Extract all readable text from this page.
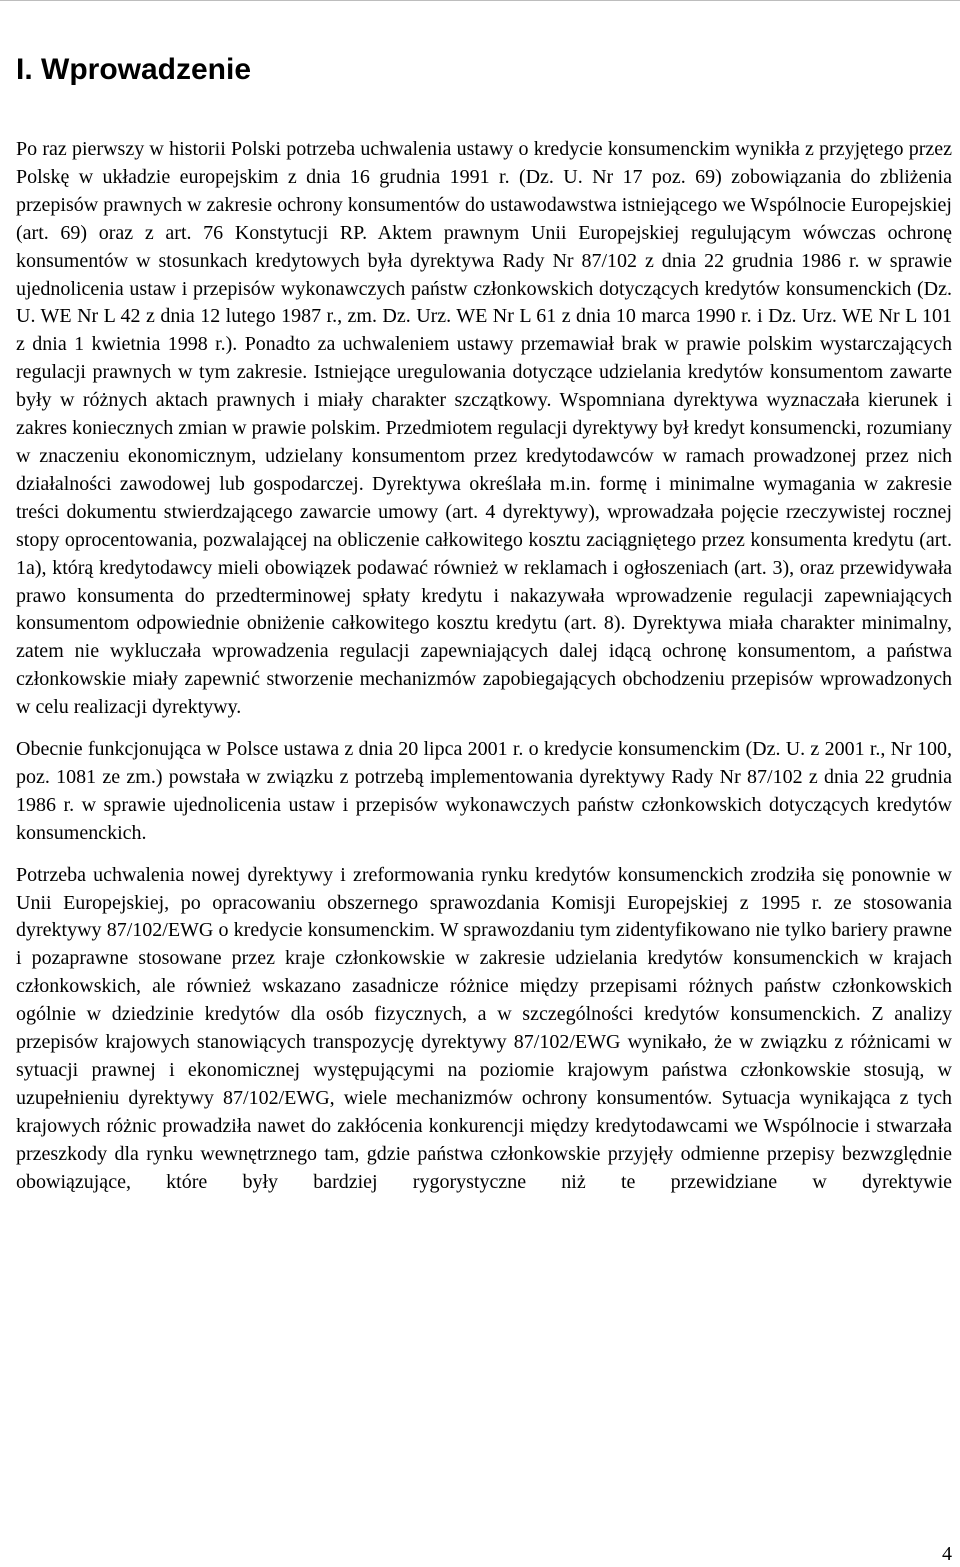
I. Wprowadzenie

Po raz pierwszy w historii Polski potrzeba uchwalenia ustawy o kredycie konsumenckim wynikła z przyjętego przez Polskę w układzie europejskim z dnia 16 grudnia 1991 r. (Dz. U. Nr 17 poz. 69) zobowiązania do zbliżenia przepisów prawnych w zakresie ochrony konsumentów do ustawodawstwa istniejącego we Wspólnocie Europejskiej (art. 69) oraz z art. 76 Konstytucji RP. Aktem prawnym Unii Europejskiej regulującym wówczas ochronę konsumentów w stosunkach kredytowych była dyrektywa Rady Nr 87/102 z dnia 22 grudnia 1986 r. w sprawie ujednolicenia ustaw i przepisów wykonawczych państw członkowskich dotyczących kredytów konsumenckich (Dz. U. WE Nr L 42 z dnia 12 lutego 1987 r., zm. Dz. Urz. WE Nr L 61 z dnia 10 marca 1990 r. i Dz. Urz. WE Nr L 101 z dnia 1 kwietnia 1998 r.). Ponadto za uchwaleniem ustawy przemawiał brak w prawie polskim wystarczających regulacji prawnych w tym zakresie. Istniejące uregulowania dotyczące udzielania kredytów konsumentom zawarte były w różnych aktach prawnych i miały charakter szczątkowy. Wspomniana dyrektywa wyznaczała kierunek i zakres koniecznych zmian w prawie polskim. Przedmiotem regulacji dyrektywy był kredyt konsumencki, rozumiany w znaczeniu ekonomicznym, udzielany konsumentom przez kredytodawców w ramach prowadzonej przez nich działalności zawodowej lub gospodarczej. Dyrektywa określała m.in. formę i minimalne wymagania w zakresie treści dokumentu stwierdzającego zawarcie umowy (art. 4 dyrektywy), wprowadzała pojęcie rzeczywistej rocznej stopy oprocentowania, pozwalającej na obliczenie całkowitego kosztu zaciągniętego przez konsumenta kredytu (art. 1a), którą kredytodawcy mieli obowiązek podawać również w reklamach i ogłoszeniach (art. 3), oraz przewidywała prawo konsumenta do przedterminowej spłaty kredytu i nakazywała wprowadzenie regulacji zapewniających konsumentom odpowiednie obniżenie całkowitego kosztu kredytu (art. 8). Dyrektywa miała charakter minimalny, zatem nie wykluczała wprowadzenia regulacji zapewniających dalej idącą ochronę konsumentom, a państwa członkowskie miały zapewnić stworzenie mechanizmów zapobiegających obchodzeniu przepisów wprowadzonych w celu realizacji dyrektywy.

Obecnie funkcjonująca w Polsce ustawa z dnia 20 lipca 2001 r. o kredycie konsumenckim (Dz. U. z 2001 r., Nr 100, poz. 1081 ze zm.) powstała w związku z potrzebą implementowania dyrektywy Rady Nr 87/102 z dnia 22 grudnia 1986 r. w sprawie ujednolicenia ustaw i przepisów wykonawczych państw członkowskich dotyczących kredytów konsumenckich.

Potrzeba uchwalenia nowej dyrektywy i zreformowania rynku kredytów konsumenckich zrodziła się ponownie w Unii Europejskiej, po opracowaniu obszernego sprawozdania Komisji Europejskiej z 1995 r. ze stosowania dyrektywy 87/102/EWG o kredycie konsumenckim. W sprawozdaniu tym zidentyfikowano nie tylko bariery prawne i pozaprawne stosowane przez kraje członkowskie w zakresie udzielania kredytów konsumenckich w krajach członkowskich, ale również wskazano zasadnicze różnice między przepisami różnych państw członkowskich ogólnie w dziedzinie kredytów dla osób fizycznych, a w szczególności kredytów konsumenckich. Z analizy przepisów krajowych stanowiących transpozycję dyrektywy 87/102/EWG wynikało, że w związku z różnicami w sytuacji prawnej i ekonomicznej występującymi na poziomie krajowym państwa członkowskie stosują, w uzupełnieniu dyrektywy 87/102/EWG, wiele mechanizmów ochrony konsumentów. Sytuacja wynikająca z tych krajowych różnic prowadziła nawet do zakłócenia konkurencji między kredytodawcami we Wspólnocie i stwarzała przeszkody dla rynku wewnętrznego tam, gdzie państwa członkowskie przyjęły odmienne przepisy bezwzględnie obowiązujące, które były bardziej rygorystyczne niż te przewidziane w dyrektywie

4
